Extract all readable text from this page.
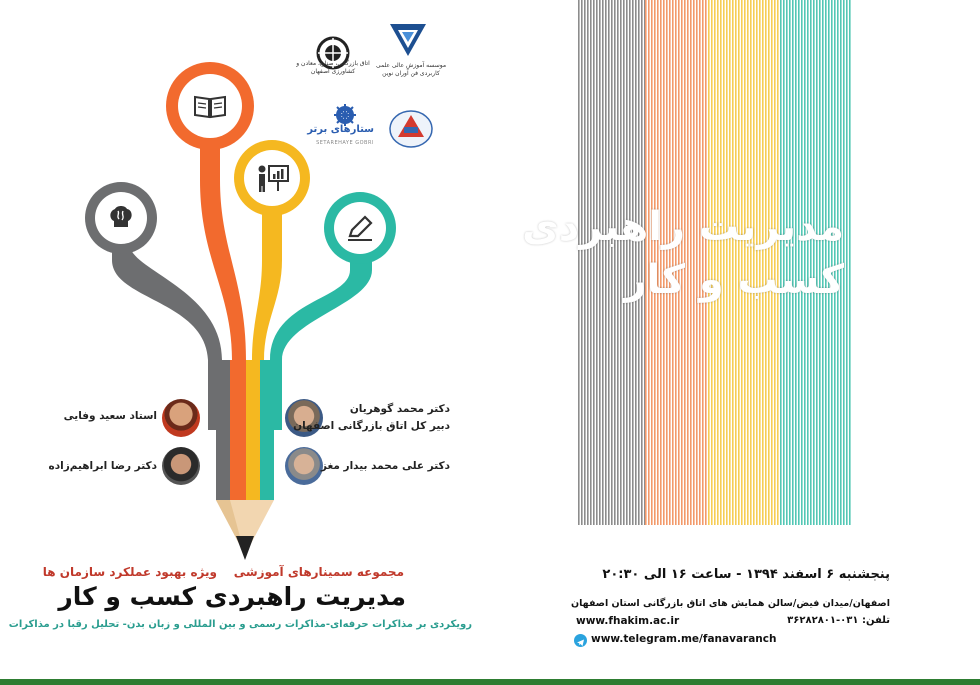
اتاق بازرگانی، صنایع، معادن و کشاورزی اصفهان
موسسه آموزش عالی علمی کاربردی فن آوران نوین
ستارهای برتر
SETAREHAYE GOBRI
استاد سعید وفایی
دکتر رضا ابراهیم‌زاده
دکتر محمد گوهریان
دبیر کل اتاق بازرگانی اصفهان
دکتر علی محمد بیدار مغز
مجموعه سمینارهای آموزشی    ویژه بهبود عملکرد سازمان ها
مدیریت راهبردی کسب و کار
رویکردی بر مذاکرات حرفه‌ای-مذاکرات رسمی و بین المللی و زبان بدن- تحلیل رقبا در مذاکرات
مدیریت راهبردی
کسب و کار
پنجشنبه ۶ اسفند ۱۳۹۴ - ساعت ۱۶ الی ۲۰:۳۰
اصفهان/میدان فیض/سالن همایش های اتاق بازرگانی استان اصفهان
تلفن: ۰۳۱-۳۶۲۸۲۸۰۱
www.fhakim.ac.ir
www.telegram.me/fanavaranch
